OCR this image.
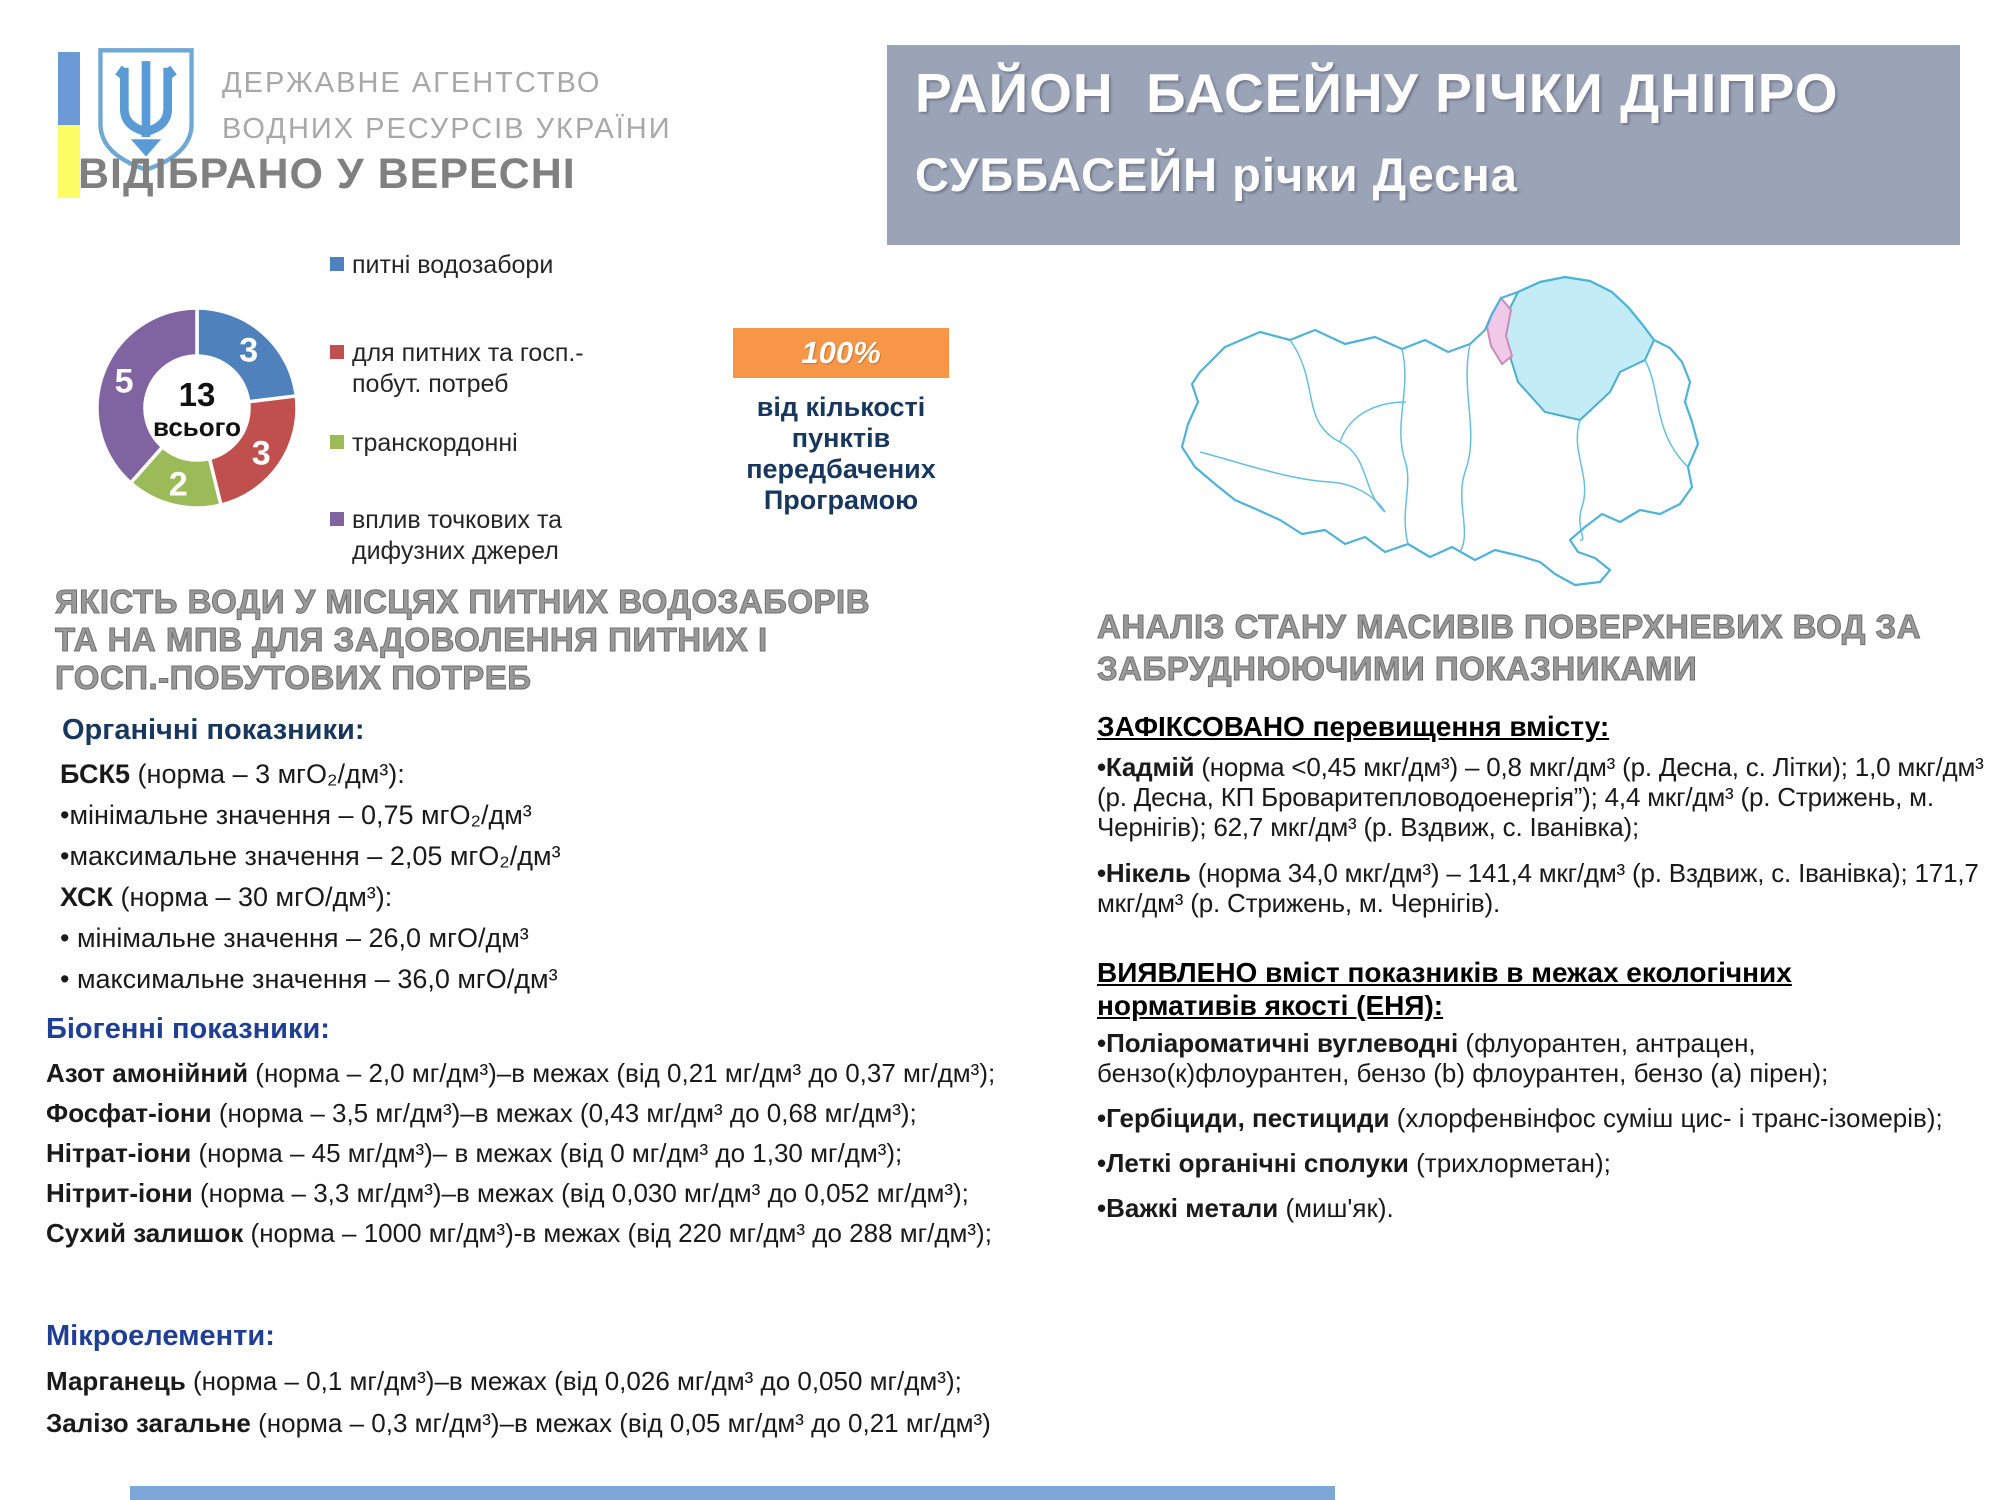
ДЕРЖАВНЕ АГЕНТСТВО
ВОДНИХ РЕСУРСІВ УКРАЇНИ
ВІДІБРАНО У ВЕРЕСНІ
РАЙОН  БАСЕЙНУ РІЧКИ ДНІПРО
СУББАСЕЙН річки Десна
3
3
2
5 13
всього
питні водозабори
для питних та госп.-побут. потреб
транскордонні
вплив точкових та дифузних джерел
100%
від кількості
пунктів
передбачених
Програмою
ЯКІСТЬ ВОДИ У МІСЦЯХ ПИТНИХ ВОДОЗАБОРІВ
ТА НА МПВ ДЛЯ ЗАДОВОЛЕННЯ ПИТНИХ І
ГОСП.-ПОБУТОВИХ ПОТРЕБ
Органічні показники:
БСК5 (норма – 3 мгО₂/дм³):
•мінімальне значення – 0,75 мгО₂/дм³
•максимальне значення – 2,05 мгО₂/дм³
ХСК (норма – 30 мгО/дм³):
• мінімальне значення – 26,0 мгО/дм³
• максимальне значення – 36,0 мгО/дм³
Біогенні показники:

Азот амонійний (норма – 2,0 мг/дм³)–в межах (від 0,21 мг/дм³ до 0,37 мг/дм³);

Фосфат-іони (норма – 3,5 мг/дм³)–в межах (0,43 мг/дм³ до 0,68 мг/дм³);

Нітрат-іони (норма – 45 мг/дм³)– в межах (від 0 мг/дм³ до 1,30 мг/дм³);

Нітрит-іони (норма – 3,3 мг/дм³)–в межах (від 0,030 мг/дм³ до 0,052 мг/дм³);

Сухий залишок (норма – 1000 мг/дм³)-в межах (від 220 мг/дм³ до 288 мг/дм³);

Мікроелементи:

Марганець (норма – 0,1 мг/дм³)–в межах (від 0,026 мг/дм³ до 0,050 мг/дм³);

Залізо загальне (норма – 0,3 мг/дм³)–в межах (від 0,05 мг/дм³ до 0,21 мг/дм³)

АНАЛІЗ СТАНУ МАСИВІВ ПОВЕРХНЕВИХ ВОД ЗА
ЗАБРУДНЮЮЧИМИ ПОКАЗНИКАМИ
ЗАФІКСОВАНО перевищення вмісту:

•Кадмій (норма <0,45 мкг/дм³) – 0,8 мкг/дм³ (р. Десна, с. Літки); 1,0 мкг/дм³ (р. Десна, КП Броваритепловодоенергія”); 4,4 мкг/дм³ (р. Стрижень, м. Чернігів); 62,7 мкг/дм³ (р. Вздвиж, с. Іванівка);

•Нікель (норма 34,0 мкг/дм³) – 141,4 мкг/дм³ (р. Вздвиж, с. Іванівка); 171,7 мкг/дм³ (р. Стрижень, м. Чернігів).

ВИЯВЛЕНО вміст показників в межах екологічних нормативів якості (ЕНЯ):

•Поліароматичні вуглеводні (флуорантен, антрацен, бензо(к)флоурантен, бензо (b) флоурантен, бензо (а) пірен);

•Гербіциди, пестициди (хлорфенвінфос суміш цис- і транс-ізомерів);

•Леткі органічні сполуки (трихлорметан);

•Важкі метали (миш'як).
